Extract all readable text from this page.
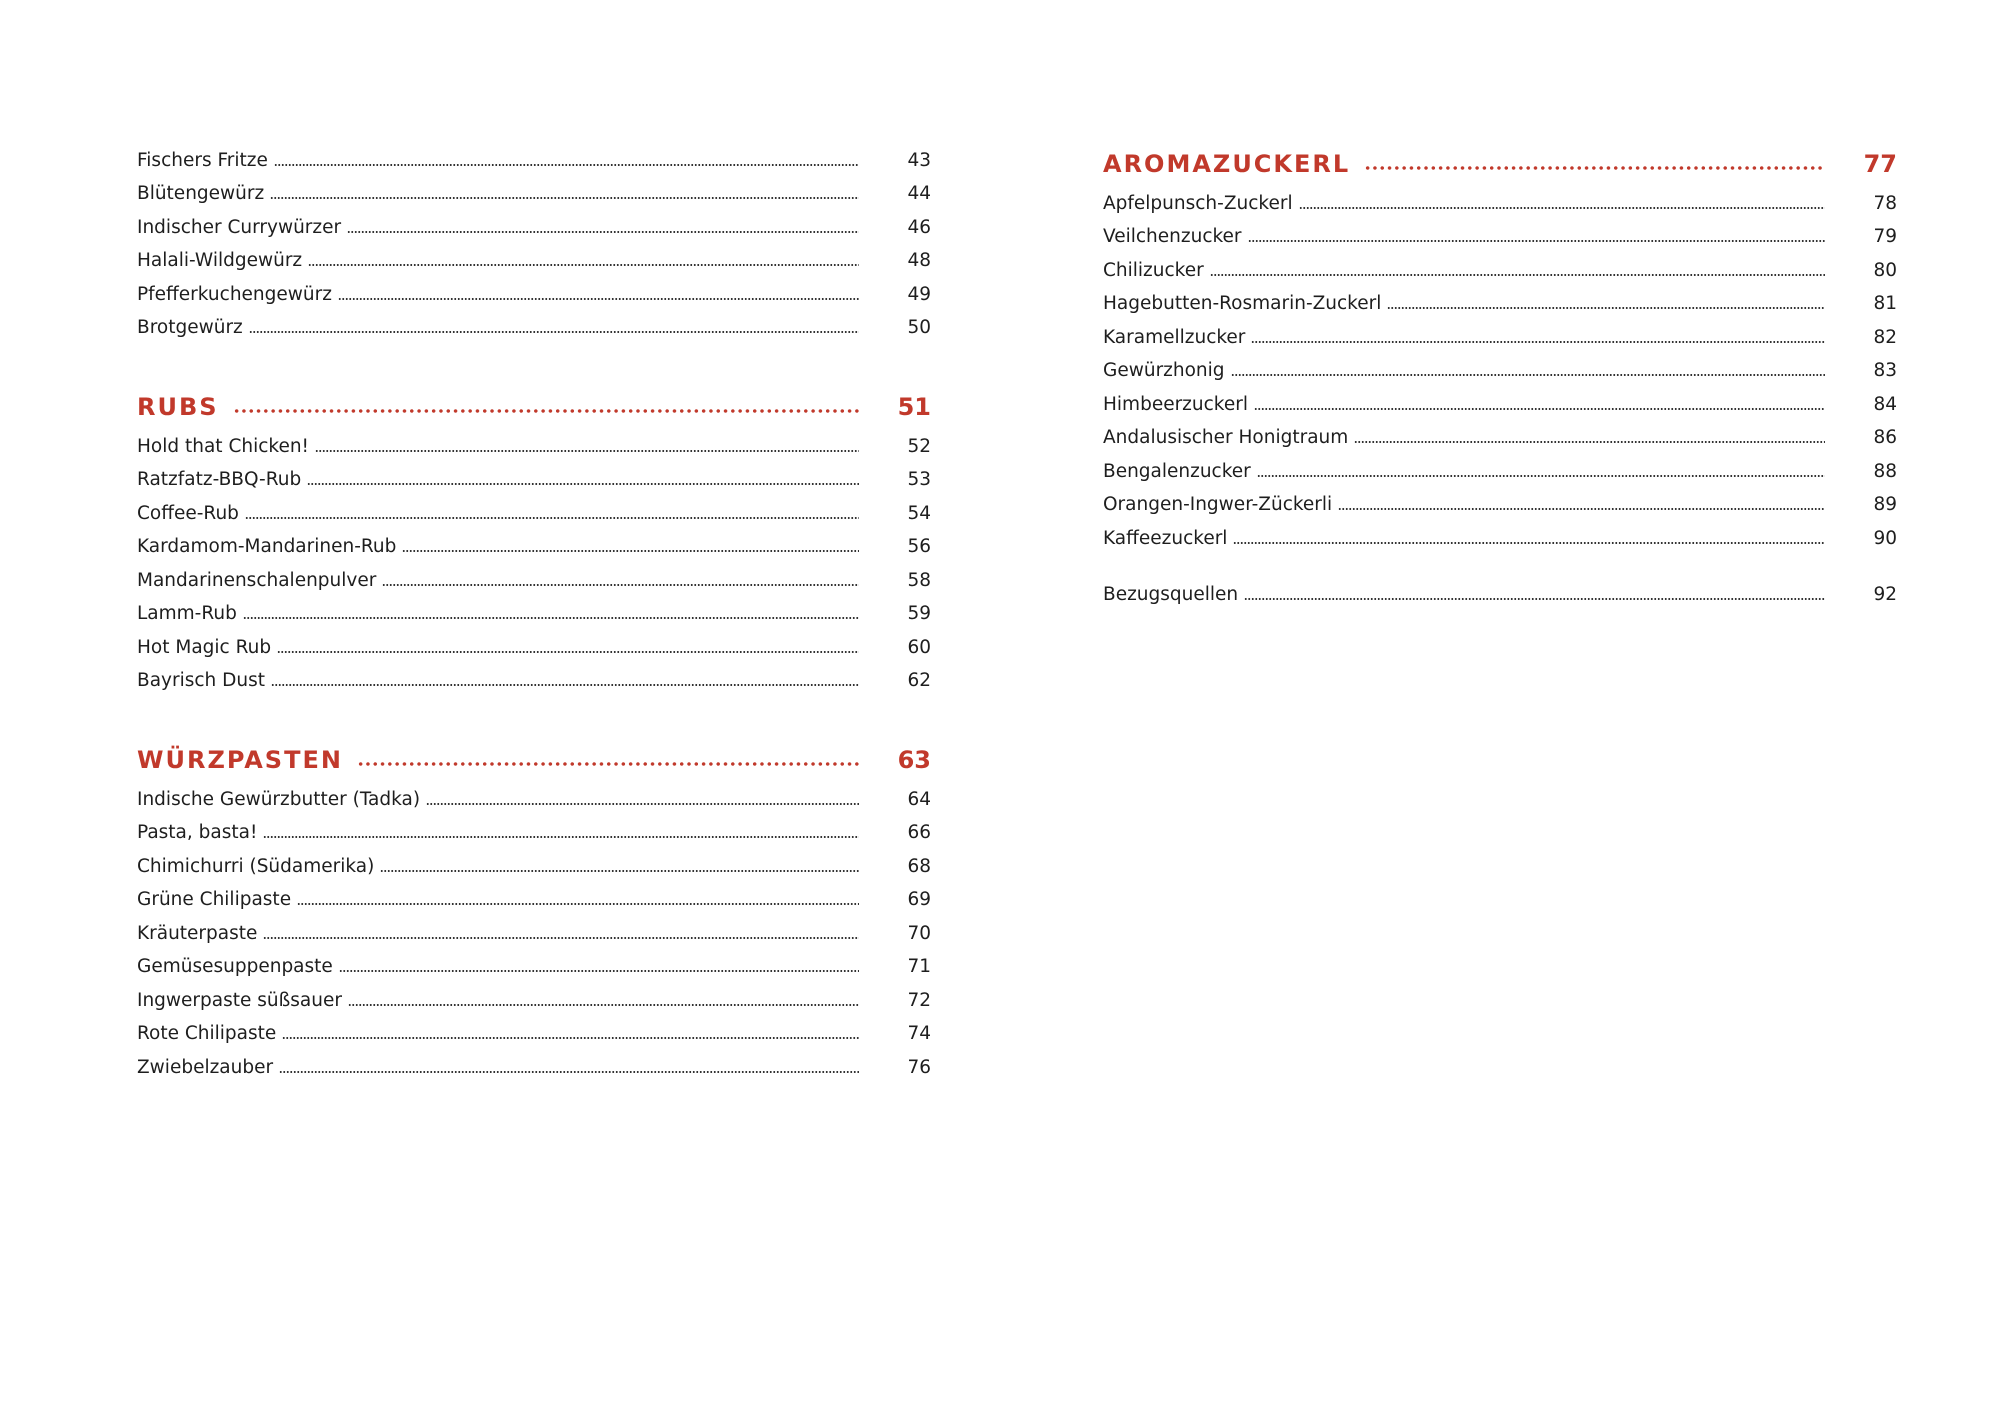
Fischers Fritze	43
Blütengewürz	44
Indischer Currywürzer	46
Halali-Wildgewürz	48
Pfefferkuchengewürz	49
Brotgewürz	50
RUBS	51
Hold that Chicken!	52
Ratzfatz-BBQ-Rub	53
Coffee-Rub	54
Kardamom-Mandarinen-Rub	56
Mandarinenschalenpulver	58
Lamm-Rub	59
Hot Magic Rub	60
Bayrisch Dust	62
WÜRZPASTEN	63
Indische Gewürzbutter (Tadka)	64
Pasta, basta!	66
Chimichurri (Südamerika)	68
Grüne Chilipaste	69
Kräuterpaste	70
Gemüsesuppenpaste	71
Ingwerpaste süßsauer	72
Rote Chilipaste	74
Zwiebelzauber	76
AROMAZUCKERL	77
Apfelpunsch-Zuckerl	78
Veilchenzucker	79
Chilizucker	80
Hagebutten-Rosmarin-Zuckerl	81
Karamellzucker	82
Gewürzhonig	83
Himbeerzuckerl	84
Andalusischer Honigtraum	86
Bengalenzucker	88
Orangen-Ingwer-Zückerli	89
Kaffeezuckerl	90
Bezugsquellen	92
